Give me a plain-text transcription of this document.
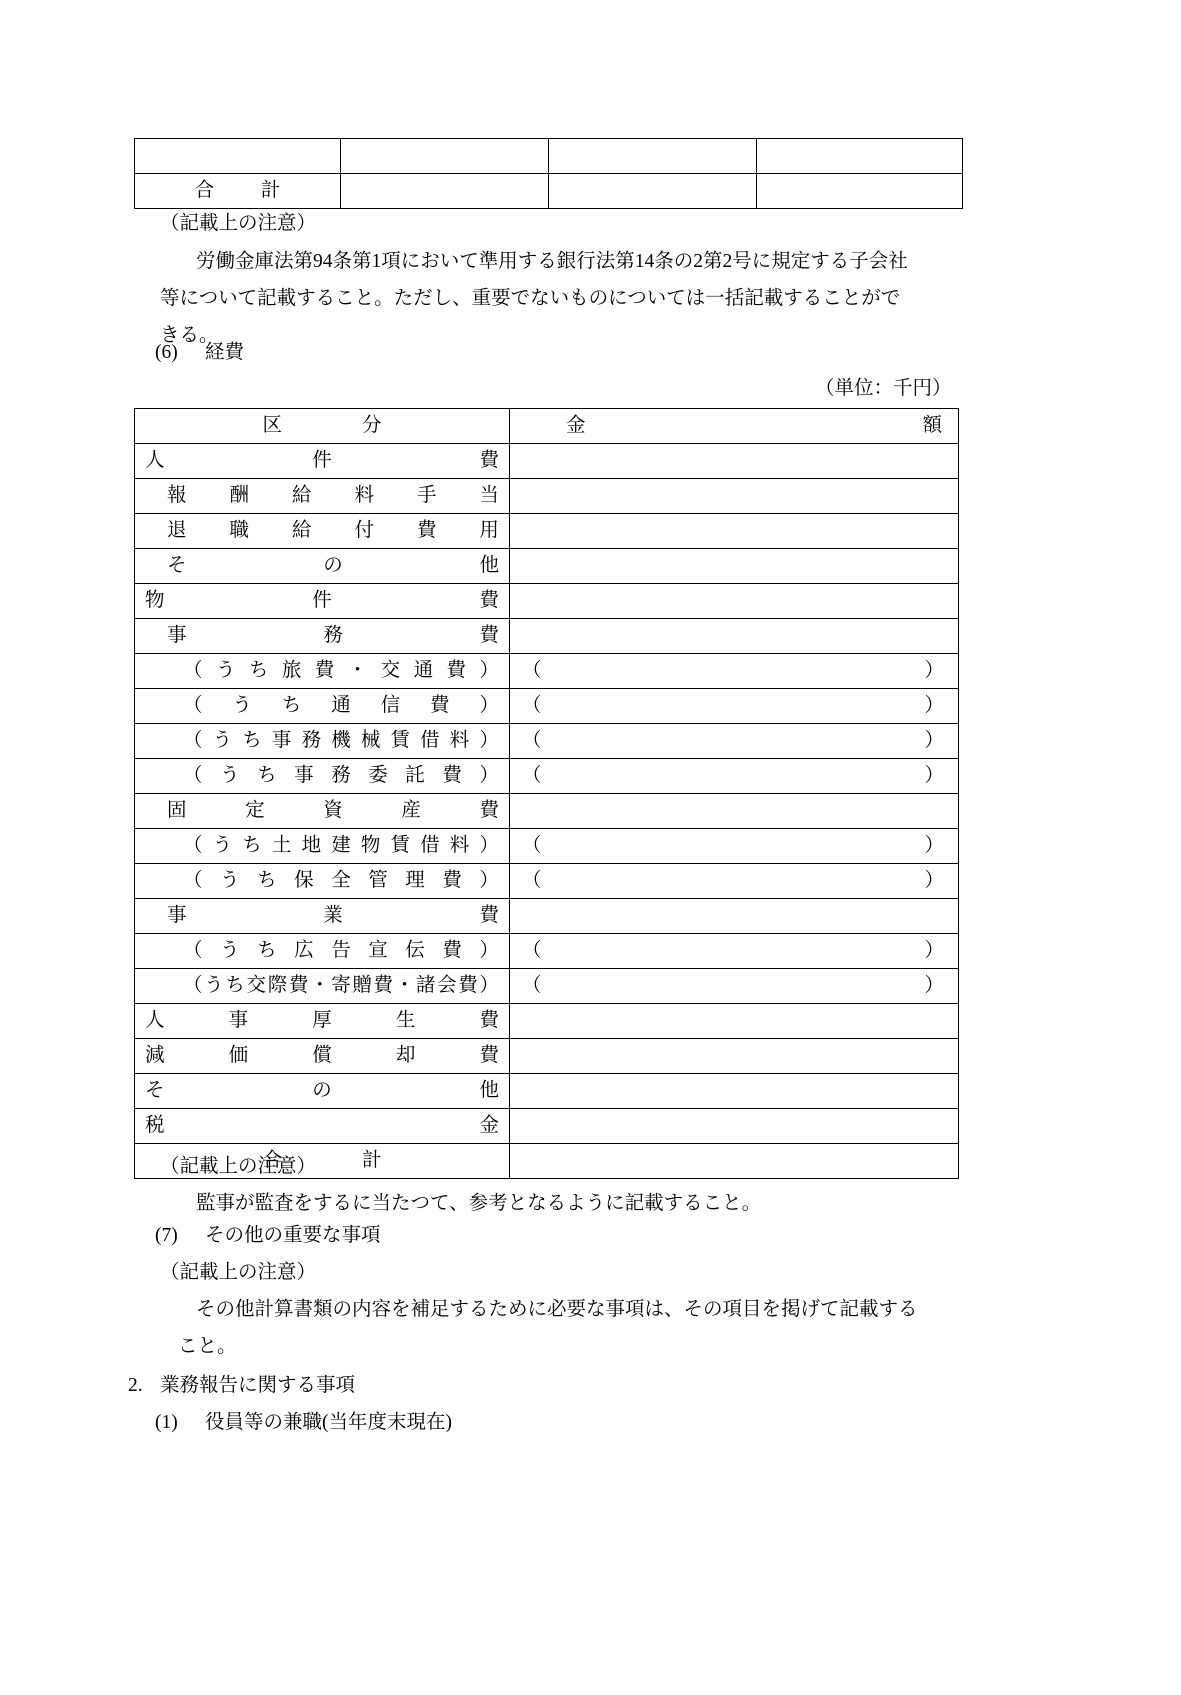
合　計			
（記載上の注意）
労働金庫法第94条第1項において準用する銀行法第14条の2第2号に規定する子会社
等について記載すること。ただし、重要でないものについては一括記載することがで
きる。
(6) 経費
（単位：千円）
区　分	金 額

人 件 費	

報 酬 給 料 手 当

退 職 給 付 費 用

そ の 他	

物 件 費	

事 務 費	

（ う ち 旅 費 ・ 交 通 費 ）	（	）

（ う ち 通 信 費 ）	（	）

（ う ち 事 務 機 械 賃 借 料 ）	（	）

（ う ち 事 務 委 託 費 ）	（	）

固 定 資 産 費	

（ う ち 土 地 建 物 賃 借 料 ）	（	）

（ う ち 保 全 管 理 費 ）	（	）

事 業 費	

（ う ち 広 告 宣 伝 費 ）	（	）

（ う ち 交 際 費 ・ 寄 贈 費 ・ 諸 会 費 ）	（	）

人 事 厚 生 費	

減 価 償 却 費	

そ の 他	

税 金	

合　計	

（記載上の注意）
監事が監査をするに当たつて、参考となるように記載すること。
(7) その他の重要な事項
（記載上の注意）
その他計算書類の内容を補足するために必要な事項は、その項目を掲げて記載する
こと。
2. 業務報告に関する事項
(1) 役員等の兼職(当年度末現在)
